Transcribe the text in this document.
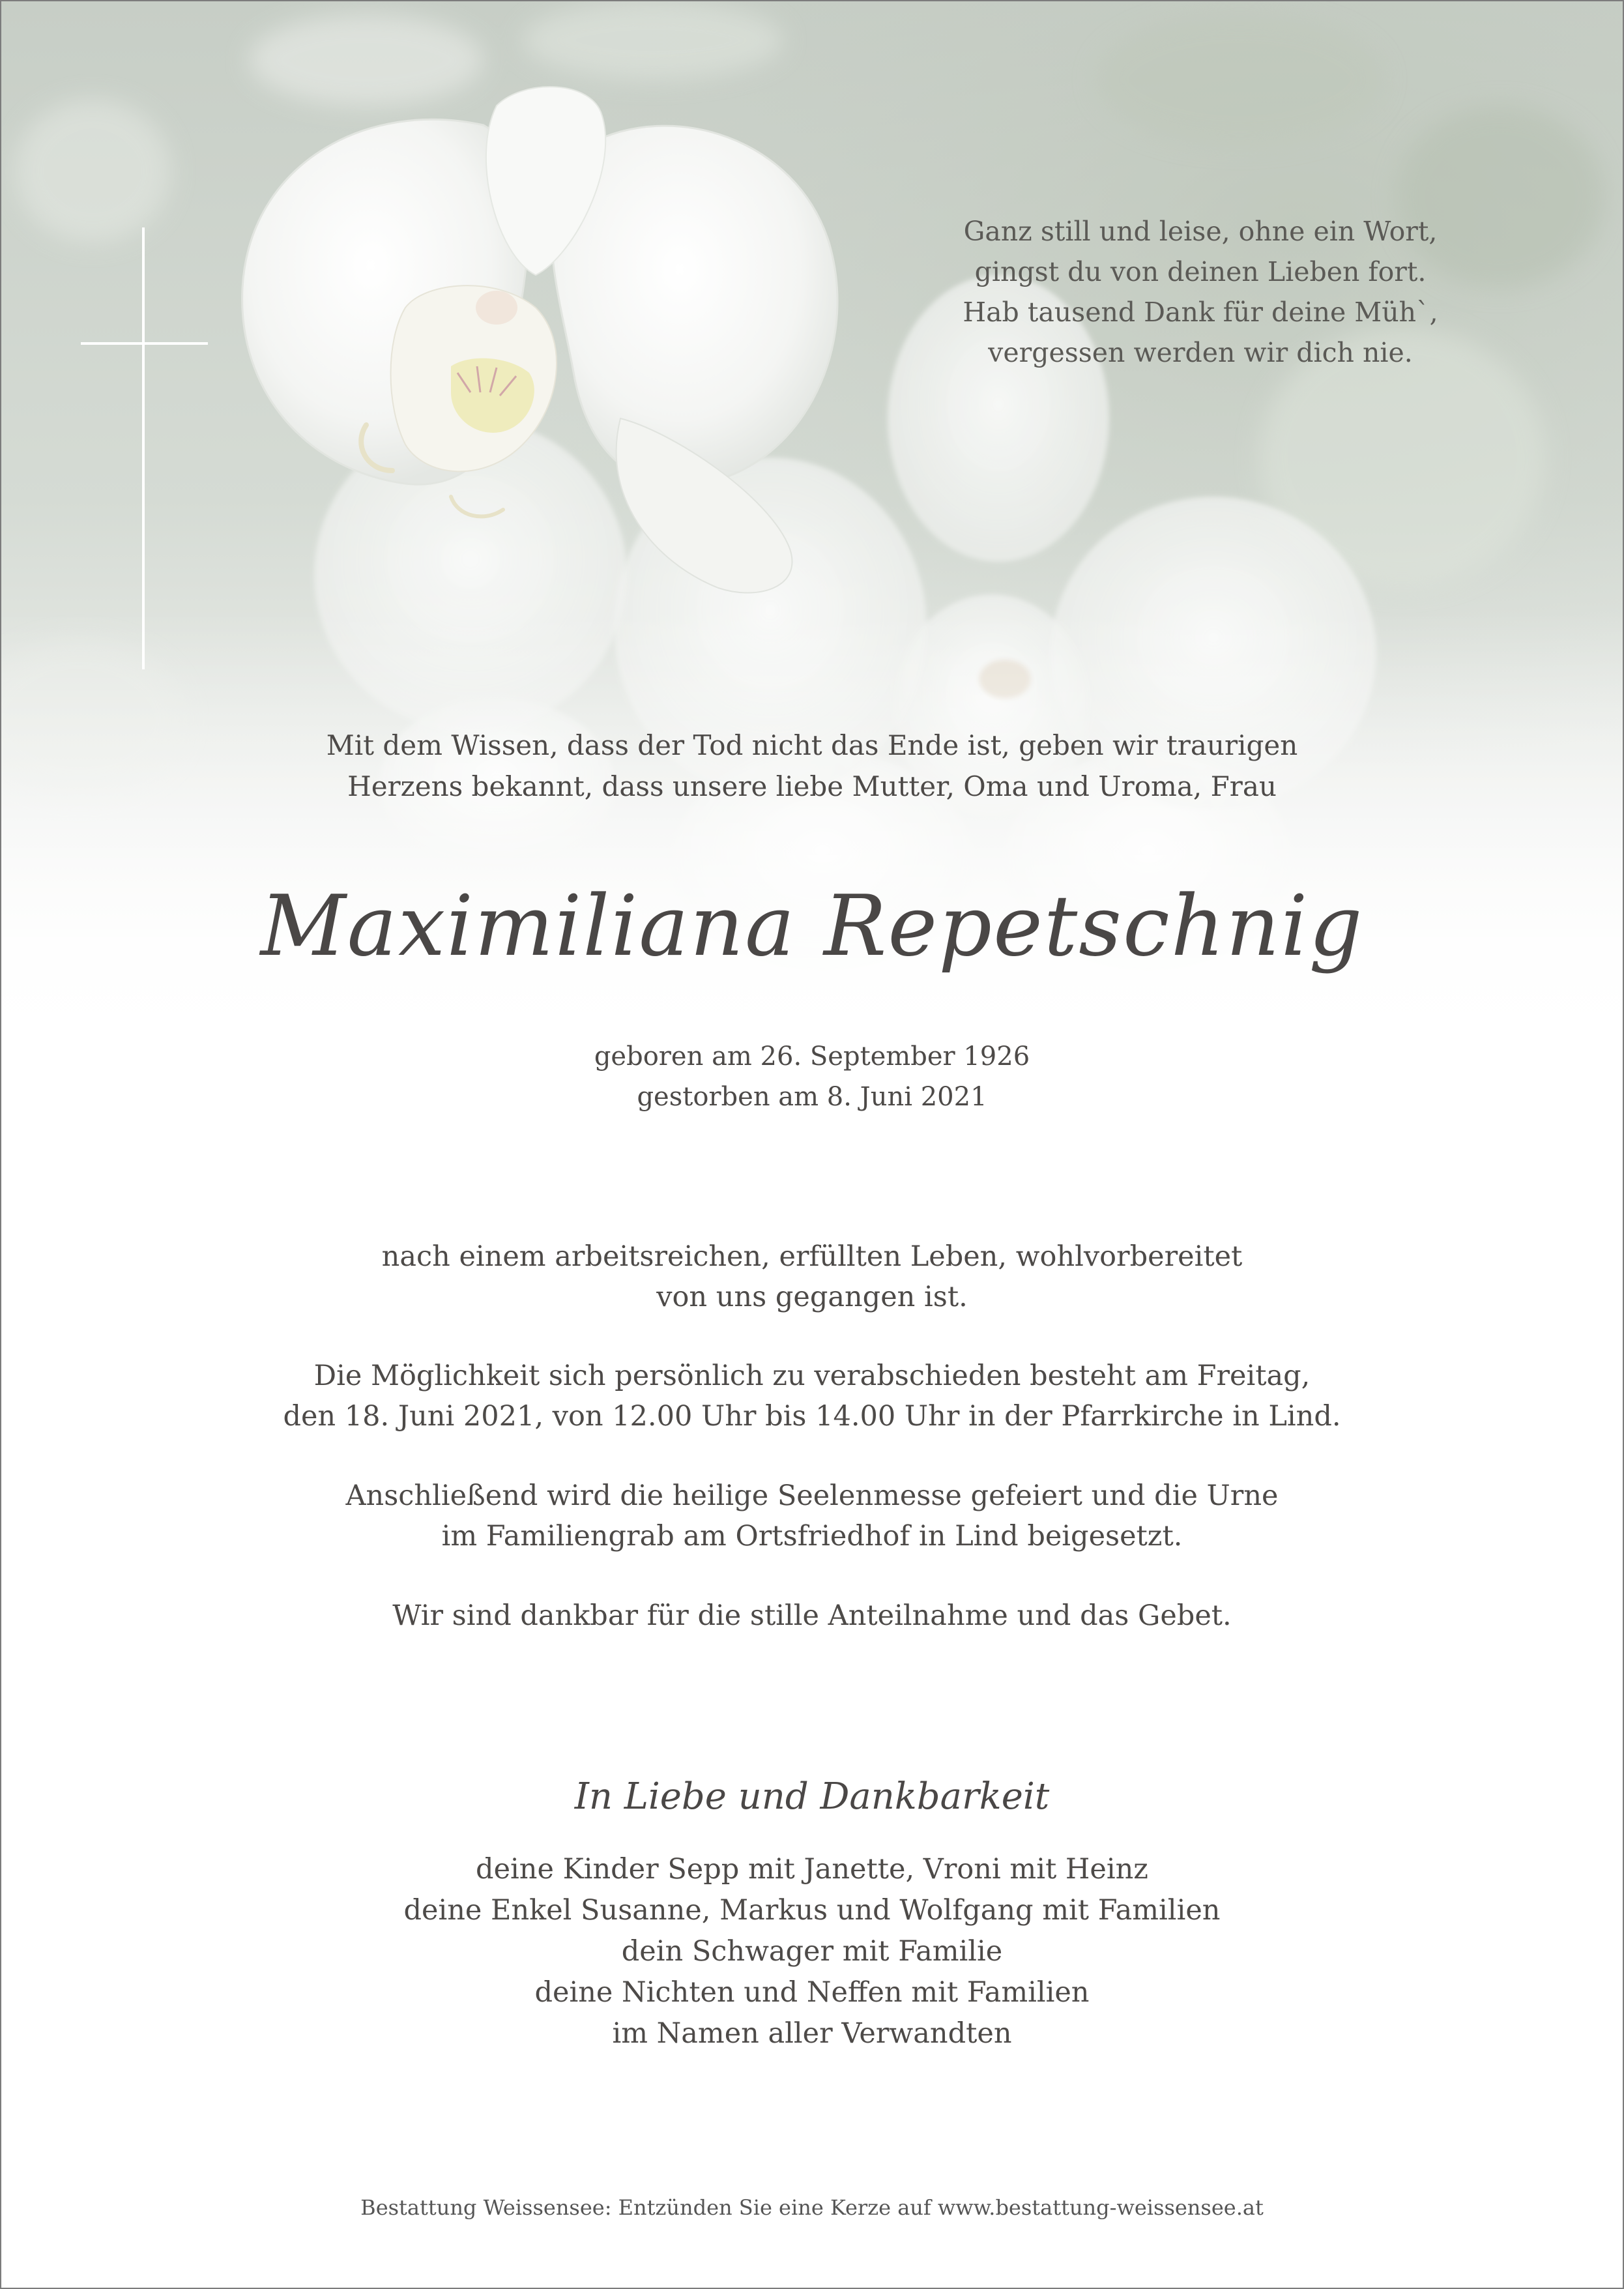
Ganz still und leise, ohne ein Wort,
gingst du von deinen Lieben fort.
Hab tausend Dank für deine Müh`,
vergessen werden wir dich nie.
Mit dem Wissen, dass der Tod nicht das Ende ist, geben wir traurigen
Herzens bekannt, dass unsere liebe Mutter, Oma und Uroma, Frau
Maximiliana Repetschnig
geboren am 26. September 1926
gestorben am 8. Juni 2021
nach einem arbeitsreichen, erfüllten Leben, wohlvorbereitet
von uns gegangen ist.
Die Möglichkeit sich persönlich zu verabschieden besteht am Freitag,
den 18. Juni 2021, von 12.00 Uhr bis 14.00 Uhr in der Pfarrkirche in Lind.
Anschließend wird die heilige Seelenmesse gefeiert und die Urne
im Familiengrab am Ortsfriedhof in Lind beigesetzt.
Wir sind dankbar für die stille Anteilnahme und das Gebet.
In Liebe und Dankbarkeit
deine Kinder Sepp mit Janette, Vroni mit Heinz
deine Enkel Susanne, Markus und Wolfgang mit Familien
dein Schwager mit Familie
deine Nichten und Neffen mit Familien
im Namen aller Verwandten
Bestattung Weissensee: Entzünden Sie eine Kerze auf www.bestattung-weissensee.at
